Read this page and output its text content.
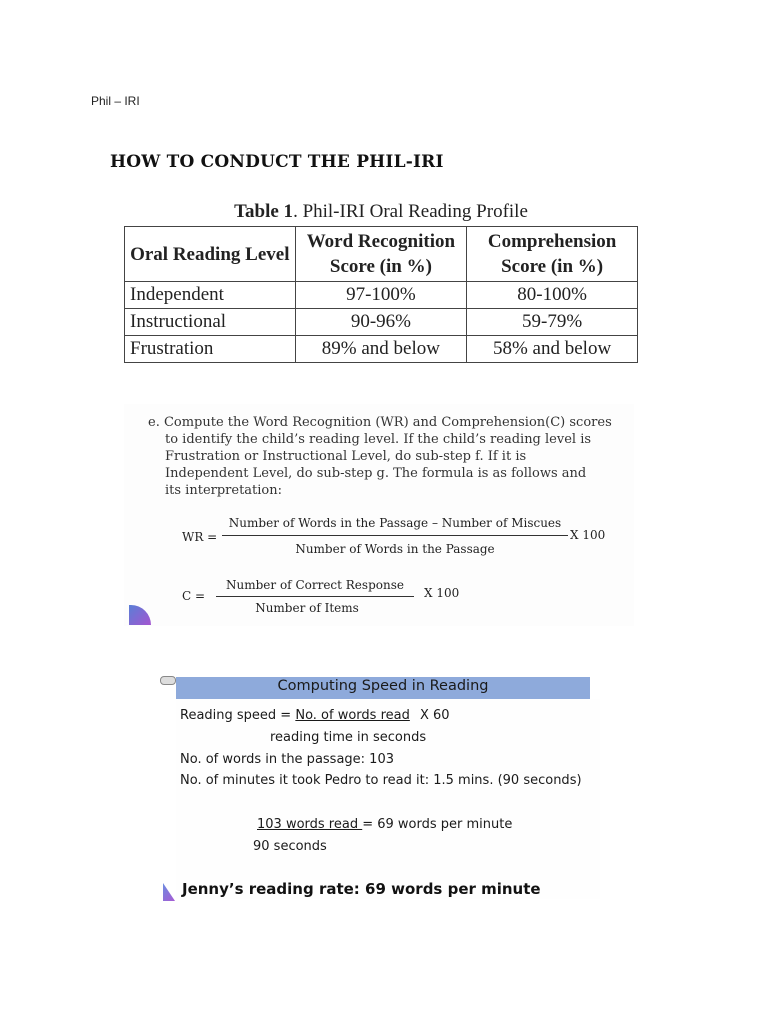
Phil – IRI
HOW TO CONDUCT THE PHIL-IRI
Table 1. Phil-IRI Oral Reading Profile
Oral Reading Level	Word Recognition Score (in %)	Comprehension Score (in %)
Independent	97-100%	80-100%
Instructional	90-96%	59-79%
Frustration	89% and below	58% and below
e. Compute the Word Recognition (WR) and Comprehension(C) scores
to identify the child’s reading level. If the child’s reading level is
Frustration or Instructional Level, do sub-step f. If it is
Independent Level, do sub-step g. The formula is as follows and
its interpretation:
WR =
Number of Words in the Passage – Number of Miscues
Number of Words in the Passage
X 100
C =
Number of Correct Response
Number of Items
X 100
Computing Speed in Reading
Reading speed = No. of words read X 60
reading time in seconds
No. of words in the passage: 103
No. of minutes it took Pedro to read it: 1.5 mins. (90 seconds)
103 words read = 69 words per minute
90 seconds
Jenny’s reading rate: 69 words per minute
